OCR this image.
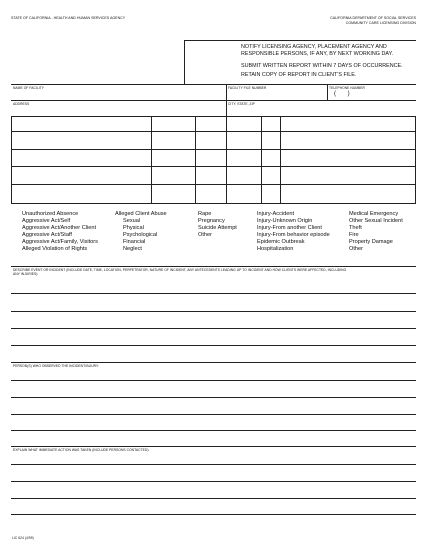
STATE OF CALIFORNIA - HEALTH AND HUMAN SERVICES AGENCY	CALIFORNIA DEPARTMENT OF SOCIAL SERVICES
COMMUNITY CARE LICENSING DIVISION
NOTIFY LICENSING AGENCY, PLACEMENT AGENCY AND
RESPONSIBLE PERSONS, IF ANY, BY NEXT WORKING DAY.
SUBMIT WRITTEN REPORT WITHIN 7 DAYS OF OCCURRENCE.
RETAIN COPY OF REPORT IN CLIENT'S FILE.
NAME OF FACILITY	FACILITY FILE NUMBER	TELEPHONE NUMBER
(       )
ADDRESS	CITY, STATE, ZIP
Unauthorized Absence
Aggressive Act/Self
Aggressive Act/Another Client
Aggressive Act/Staff
Aggressive Act/Family, Visitors
Alleged Violation of Rights
Alleged Client Abuse
Sexual
Physical
Psychological
Financial
Neglect
Rape
Pregnancy
Suicide Attempt
Other
Injury-Accident
Injury-Unknown Origin
Injury-From another Client
Injury-From behavior episode
Epidemic Outbreak
Hospitalization
Medical Emergency
Other Sexual Incident
Theft
Fire
Property Damage
Other
DESCRIBE EVENT OR INCIDENT (INCLUDE DATE, TIME, LOCATION, PERPETRATOR, NATURE OF INCIDENT, ANY ANTECEDENTS LEADING UP TO INCIDENT AND HOW CLIENTS WERE AFFECTED, INCLUDING
ANY INJURIES):
PERSON(S) WHO OBSERVED THE INCIDENT/INJURY:
EXPLAIN WHAT IMMEDIATE ACTION WAS TAKEN (INCLUDE PERSONS CONTACTED):
LIC 624 (4/99)
